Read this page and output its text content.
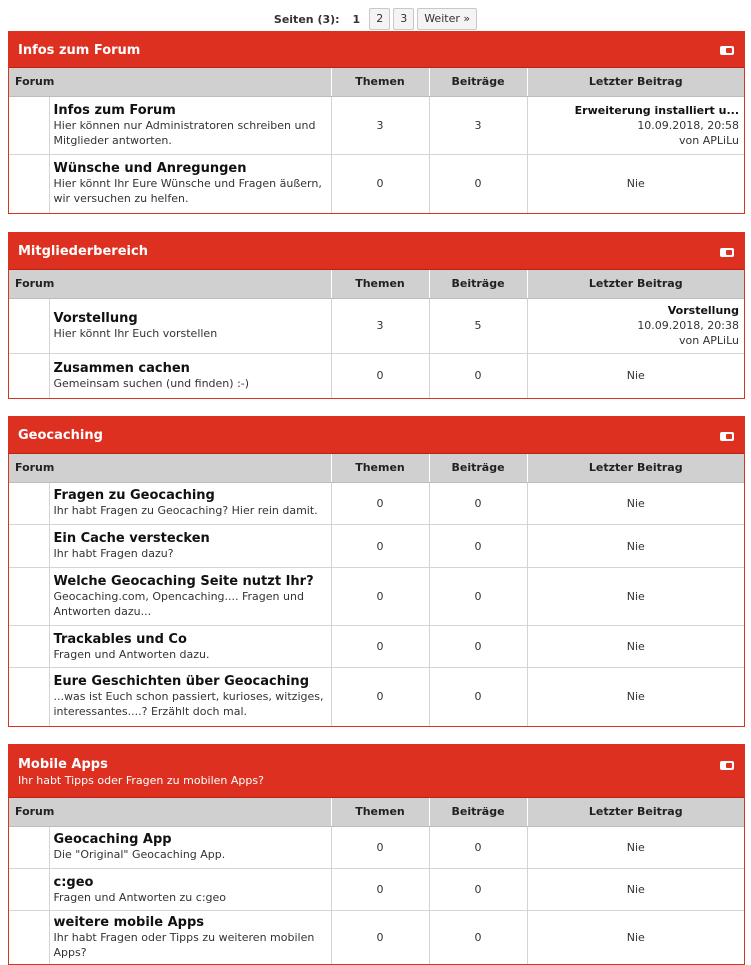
Seiten (3):	1	2	3	Weiter »
Infos zum Forum
Forum	Themen	Beiträge	Letzter Beitrag

	Infos zum Forum
Hier können nur Administratoren schreiben und Mitglieder antworten.	3	3	Erweiterung installiert u...
10.09.2018, 20:58
von APLiLu

	Wünsche und Anregungen
Hier könnt Ihr Eure Wünsche und Fragen äußern, wir versuchen zu helfen.	0	0	Nie
Mitgliederbereich
Forum	Themen	Beiträge	Letzter Beitrag

	Vorstellung
Hier könnt Ihr Euch vorstellen	3	5	Vorstellung
10.09.2018, 20:38
von APLiLu

	Zusammen cachen
Gemeinsam suchen (und finden) :-)	0	0	Nie
Geocaching
Forum	Themen	Beiträge	Letzter Beitrag

	Fragen zu Geocaching
Ihr habt Fragen zu Geocaching? Hier rein damit.	0	0	Nie

	Ein Cache verstecken
Ihr habt Fragen dazu?	0	0	Nie

	Welche Geocaching Seite nutzt Ihr?
Geocaching.com, Opencaching.... Fragen und Antworten dazu...	0	0	Nie

	Trackables und Co
Fragen und Antworten dazu.	0	0	Nie

	Eure Geschichten über Geocaching
...was ist Euch schon passiert, kurioses, witziges, interessantes....? Erzählt doch mal.	0	0	Nie
Mobile Apps
Ihr habt Tipps oder Fragen zu mobilen Apps?
Forum	Themen	Beiträge	Letzter Beitrag

	Geocaching App
Die "Original" Geocaching App.	0	0	Nie

	c:geo
Fragen und Antworten zu c:geo	0	0	Nie

	weitere mobile Apps
Ihr habt Fragen oder Tipps zu weiteren mobilen Apps?	0	0	Nie
